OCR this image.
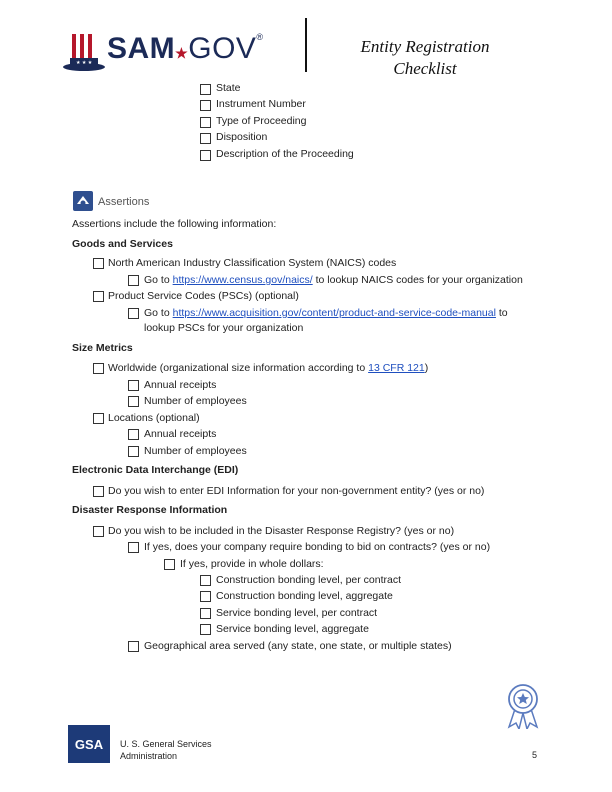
★ ★ ★ SAM★GOV®	Entity Registration
Checklist
State
Instrument Number
Type of Proceeding
Disposition
Description of the Proceeding
Assertions
Assertions include the following information:
Goods and Services
North American Industry Classification System (NAICS) codes
Go to https://www.census.gov/naics/ to lookup NAICS codes for your organization
Product Service Codes (PSCs) (optional)
Go to https://www.acquisition.gov/content/product-and-service-code-manual to
lookup PSCs for your organization
Size Metrics
Worldwide (organizational size information according to 13 CFR 121)
Annual receipts
Number of employees
Locations (optional)
Annual receipts
Number of employees
Electronic Data Interchange (EDI)
Do you wish to enter EDI Information for your non-government entity? (yes or no)
Disaster Response Information
Do you wish to be included in the Disaster Response Registry? (yes or no)
If yes, does your company require bonding to bid on contracts? (yes or no)
If yes, provide in whole dollars:
Construction bonding level, per contract
Construction bonding level, aggregate
Service bonding level, per contract
Service bonding level, aggregate
Geographical area served (any state, one state, or multiple states)
GSA	U. S. General Services
Administration	5
